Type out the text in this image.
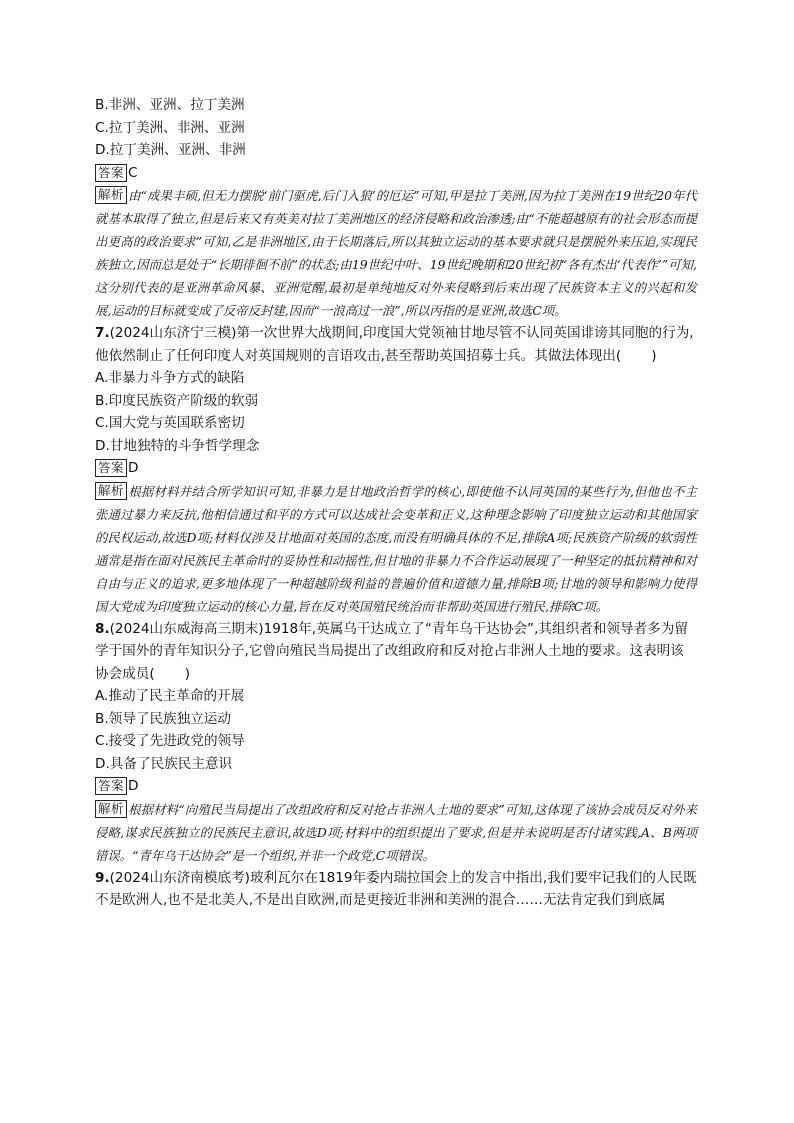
B.非洲、亚洲、拉丁美洲
C.拉丁美洲、非洲、亚洲
D.拉丁美洲、亚洲、非洲
答案 C
解析 由“成果丰硕,但无力摆脱‘前门驱虎,后门入狼’的厄运”可知,甲是拉丁美洲,因为拉丁美洲在19世纪20年代就基本取得了独立,但是后来又有英美对拉丁美洲地区的经济侵略和政治渗透;由“不能超越原有的社会形态而提出更高的政治要求”可知,乙是非洲地区,由于长期落后,所以其独立运动的基本要求就只是摆脱外来压迫,实现民族独立,因而总是处于“长期徘徊不前”的状态;由19世纪中叶、19世纪晚期和20世纪初“各有杰出‘代表作’”可知,这分别代表的是亚洲革命风暴、亚洲觉醒,最初是单纯地反对外来侵略到后来出现了民族资本主义的兴起和发展,运动的目标就变成了反帝反封建,因而“一浪高过一浪”,所以丙指的是亚洲,故选C项。
7.(2024山东济宁三模)第一次世界大战期间,印度国大党领袖甘地尽管不认同英国诽谤其同胞的行为,他依然制止了任何印度人对英国规则的言语攻击,甚至帮助英国招募士兵。其做法体现出( )
A.非暴力斗争方式的缺陷
B.印度民族资产阶级的软弱
C.国大党与英国联系密切
D.甘地独特的斗争哲学理念
答案 D
解析 根据材料并结合所学知识可知,非暴力是甘地政治哲学的核心,即使他不认同英国的某些行为,但他也不主张通过暴力来反抗,他相信通过和平的方式可以达成社会变革和正义,这种理念影响了印度独立运动和其他国家的民权运动,故选D项;材料仅涉及甘地面对英国的态度,而没有明确具体的不足,排除A项;民族资产阶级的软弱性通常是指在面对民族民主革命时的妥协性和动摇性,但甘地的非暴力不合作运动展现了一种坚定的抵抗精神和对自由与正义的追求,更多地体现了一种超越阶级利益的普遍价值和道德力量,排除B项;甘地的领导和影响力使得国大党成为印度独立运动的核心力量,旨在反对英国殖民统治而非帮助英国进行殖民,排除C项。
8.(2024山东威海高三期末)1918年,英属乌干达成立了“青年乌干达协会”,其组织者和领导者多为留学于国外的青年知识分子,它曾向殖民当局提出了改组政府和反对抢占非洲人土地的要求。这表明该协会成员( )
A.推动了民主革命的开展
B.领导了民族独立运动
C.接受了先进政党的领导
D.具备了民族民主意识
答案 D
解析 根据材料“向殖民当局提出了改组政府和反对抢占非洲人土地的要求”可知,这体现了该协会成员反对外来侵略,谋求民族独立的民族民主意识,故选D项;材料中的组织提出了要求,但是并未说明是否付诸实践,A、B两项错误。“青年乌干达协会”是一个组织,并非一个政党,C项错误。
9.(2024山东济南模底考)玻利瓦尔在1819年委内瑞拉国会上的发言中指出,我们要牢记我们的人民既不是欧洲人,也不是北美人,不是出自欧洲,而是更接近非洲和美洲的混合……无法肯定我们到底属
